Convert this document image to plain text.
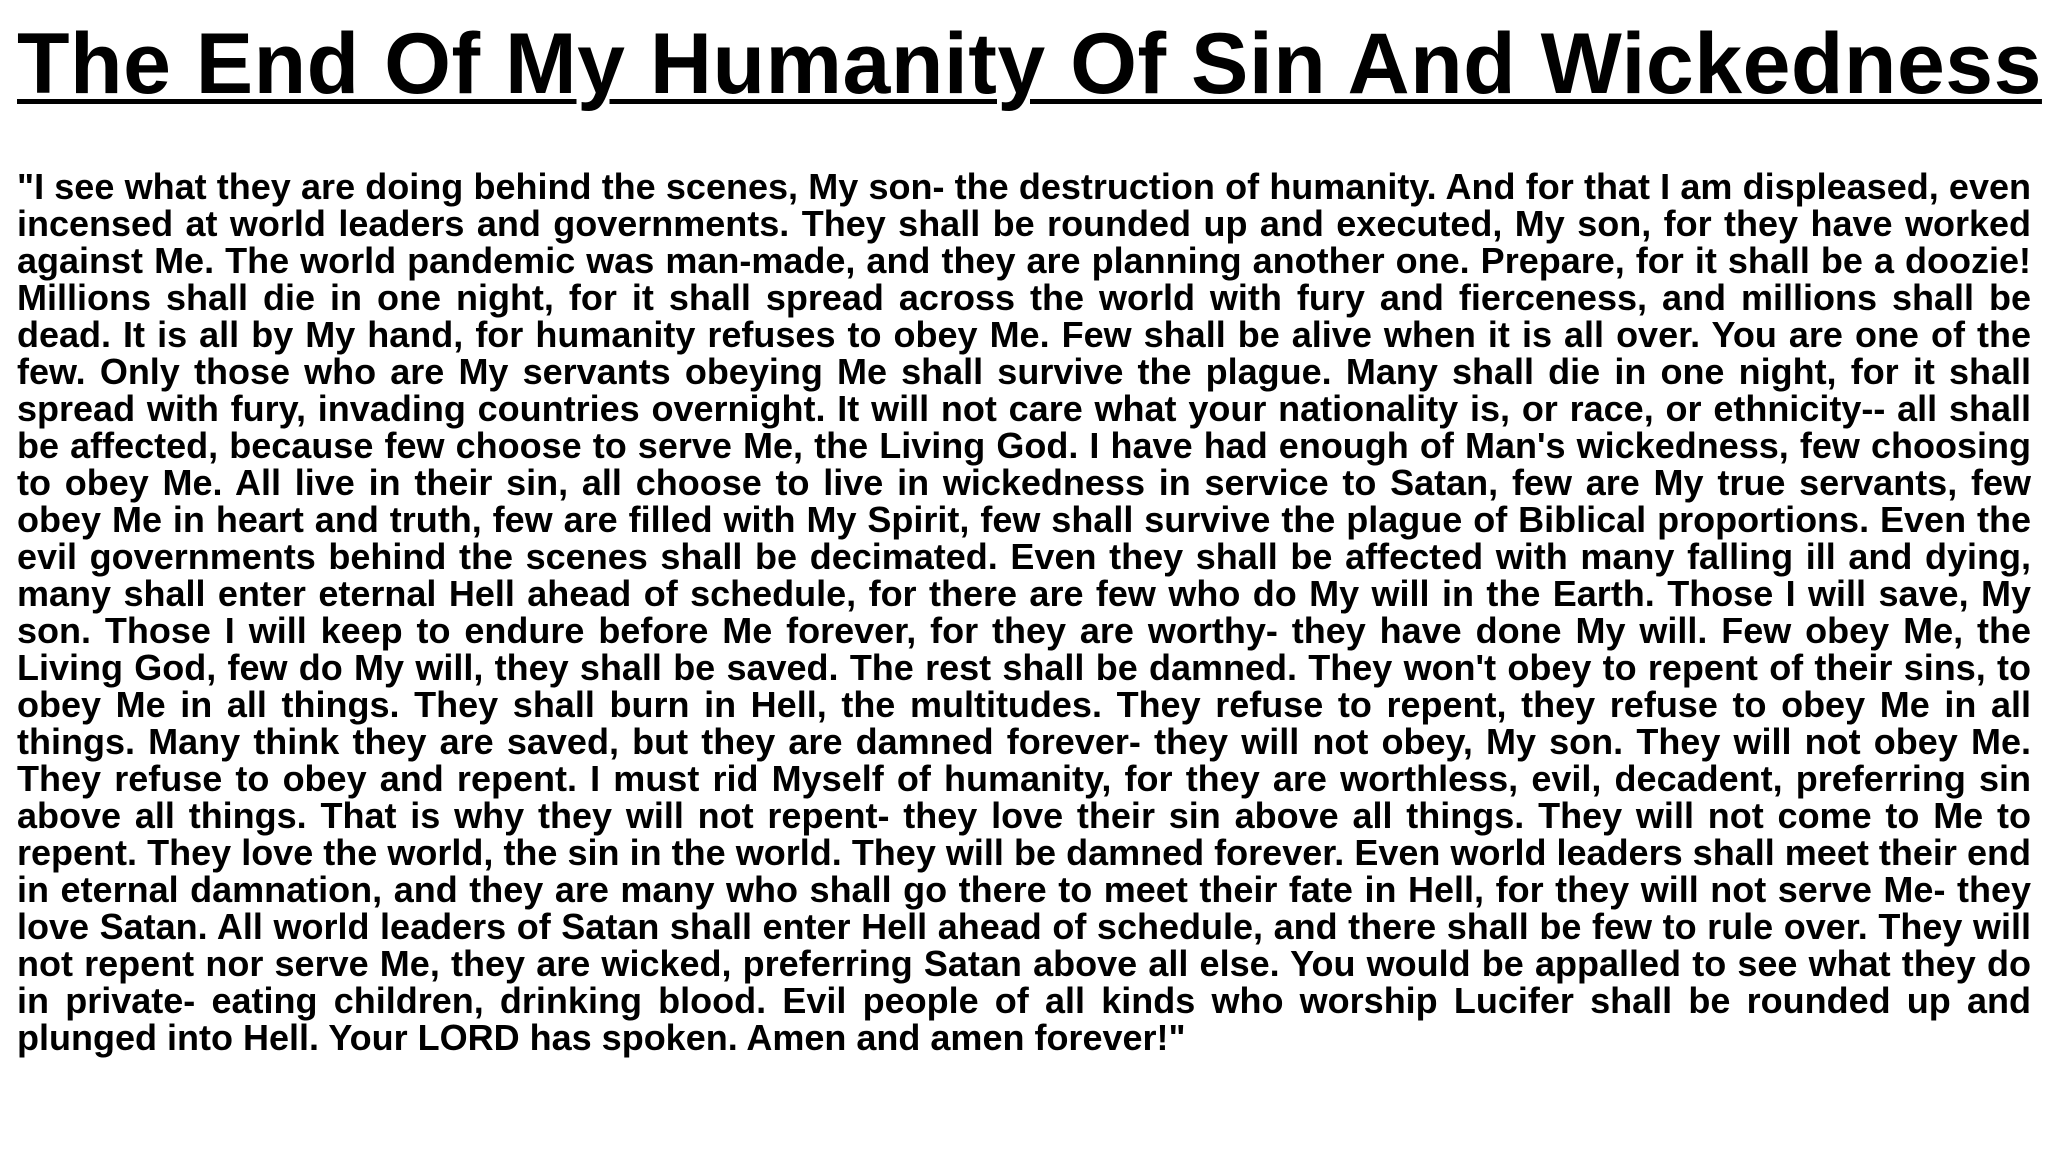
The End Of My Humanity Of Sin And Wickedness

"I see what they are doing behind the scenes, My son- the destruction of humanity. And for that I am displeased, even incensed at world leaders and governments. They shall be rounded up and executed, My son, for they have worked against Me. The world pandemic was man-made, and they are planning another one. Prepare, for it shall be a doozie! Millions shall die in one night, for it shall spread across the world with fury and fierceness, and millions shall be dead. It is all by My hand, for humanity refuses to obey Me. Few shall be alive when it is all over. You are one of the few. Only those who are My servants obeying Me shall survive the plague. Many shall die in one night, for it shall spread with fury, invading countries overnight. It will not care what your nationality is, or race, or ethnicity-- all shall be affected, because few choose to serve Me, the Living God. I have had enough of Man's wickedness, few choosing to obey Me. All live in their sin, all choose to live in wickedness in service to Satan, few are My true servants, few obey Me in heart and truth, few are filled with My Spirit, few shall survive the plague of Biblical proportions. Even the evil governments behind the scenes shall be decimated. Even they shall be affected with many falling ill and dying, many shall enter eternal Hell ahead of schedule, for there are few who do My will in the Earth. Those I will save, My son. Those I will keep to endure before Me forever, for they are worthy- they have done My will. Few obey Me, the Living God, few do My will, they shall be saved. The rest shall be damned. They won't obey to repent of their sins, to obey Me in all things. They shall burn in Hell, the multitudes. They refuse to repent, they refuse to obey Me in all things. Many think they are saved, but they are damned forever- they will not obey, My son. They will not obey Me. They refuse to obey and repent. I must rid Myself of humanity, for they are worthless, evil, decadent, preferring sin above all things. That is why they will not repent- they love their sin above all things. They will not come to Me to repent. They love the world, the sin in the world. They will be damned forever. Even world leaders shall meet their end in eternal damnation, and they are many who shall go there to meet their fate in Hell, for they will not serve Me- they love Satan. All world leaders of Satan shall enter Hell ahead of schedule, and there shall be few to rule over. They will not repent nor serve Me, they are wicked, preferring Satan above all else. You would be appalled to see what they do in private- eating children, drinking blood. Evil people of all kinds who worship Lucifer shall be rounded up and plunged into Hell. Your LORD has spoken. Amen and amen forever!"
